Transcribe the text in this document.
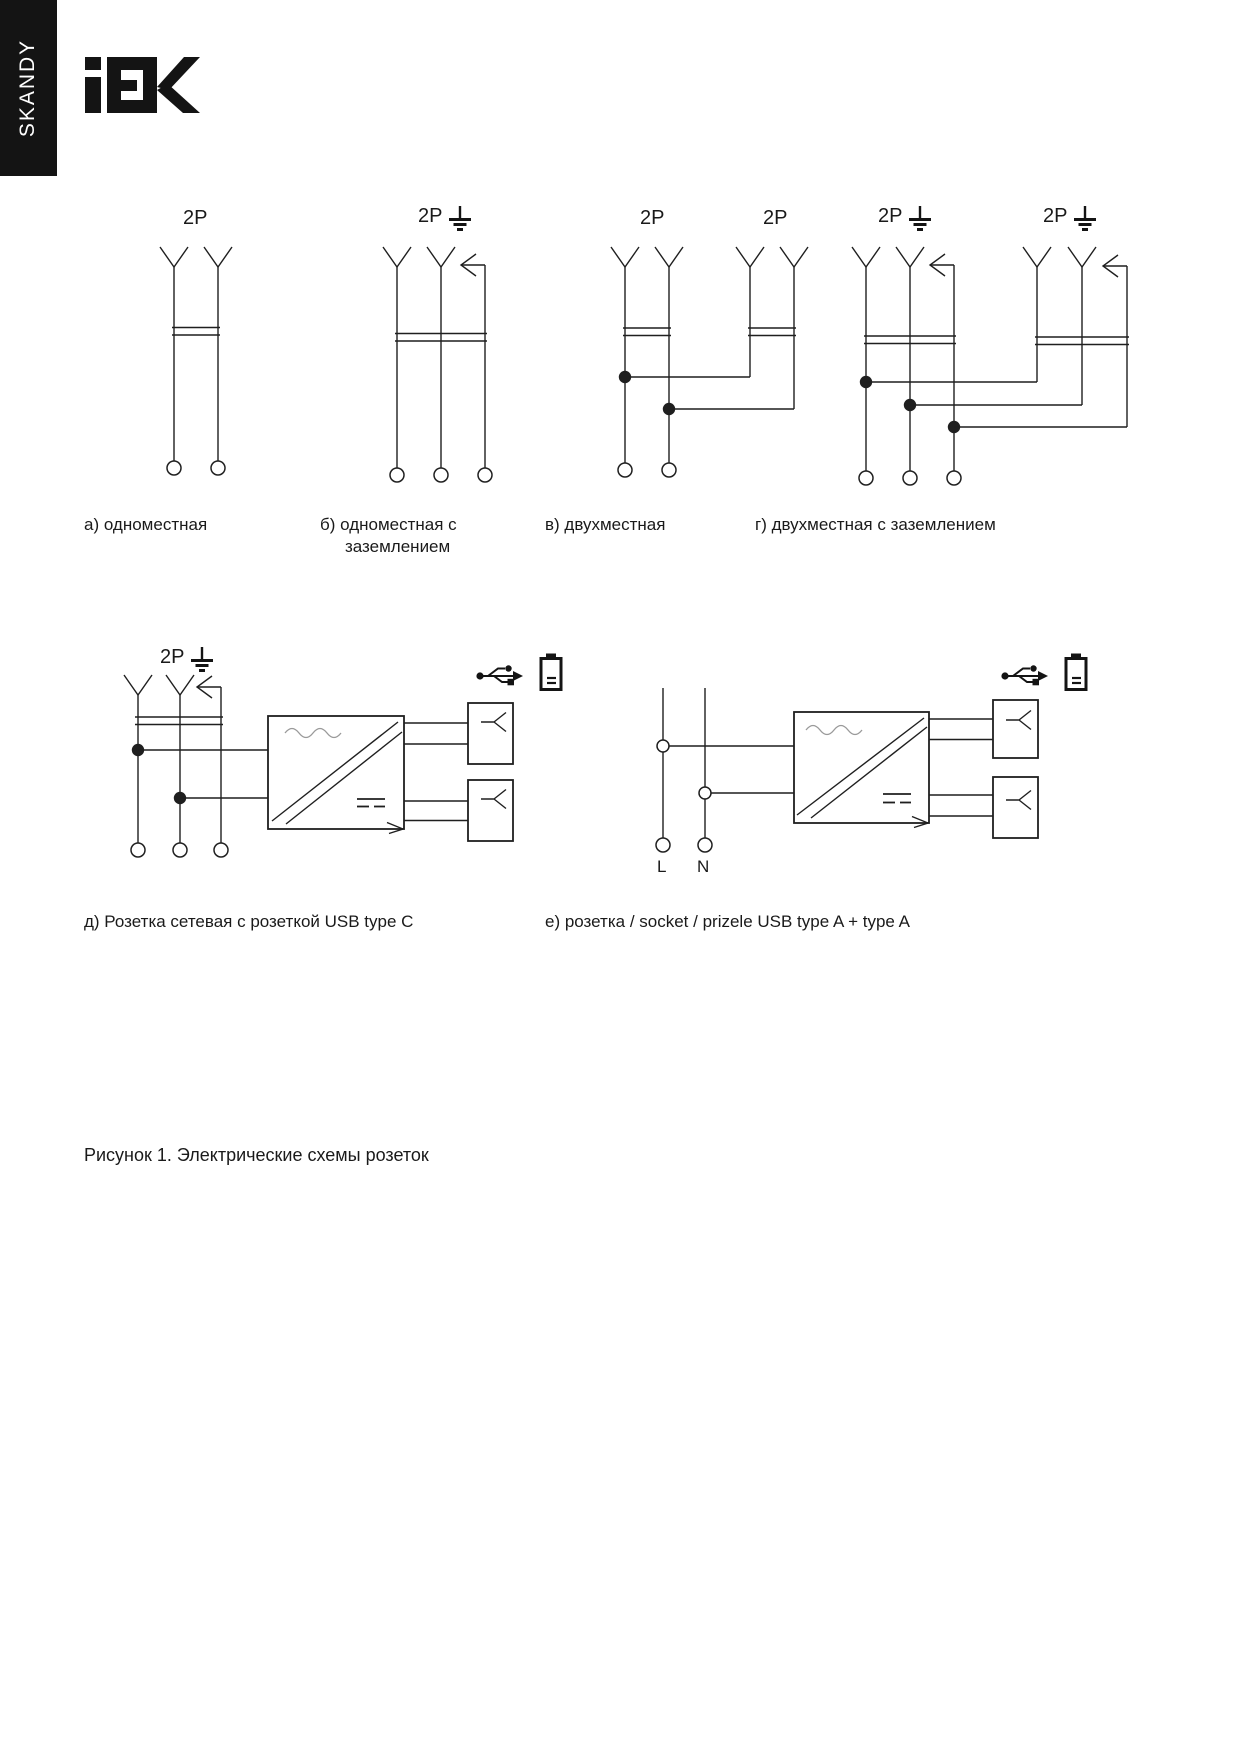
SKANDY
2P	2P	2P	2P	2P	2P
2P
а) одноместная	б) одноместная с
заземлением
в) двухместная	г) двухместная с заземлением
д) Розетка сетевая с розеткой USB type C	е) розетка / socket / prizele USB type A + type A
L N
Рисунок 1. Электрические схемы розеток
